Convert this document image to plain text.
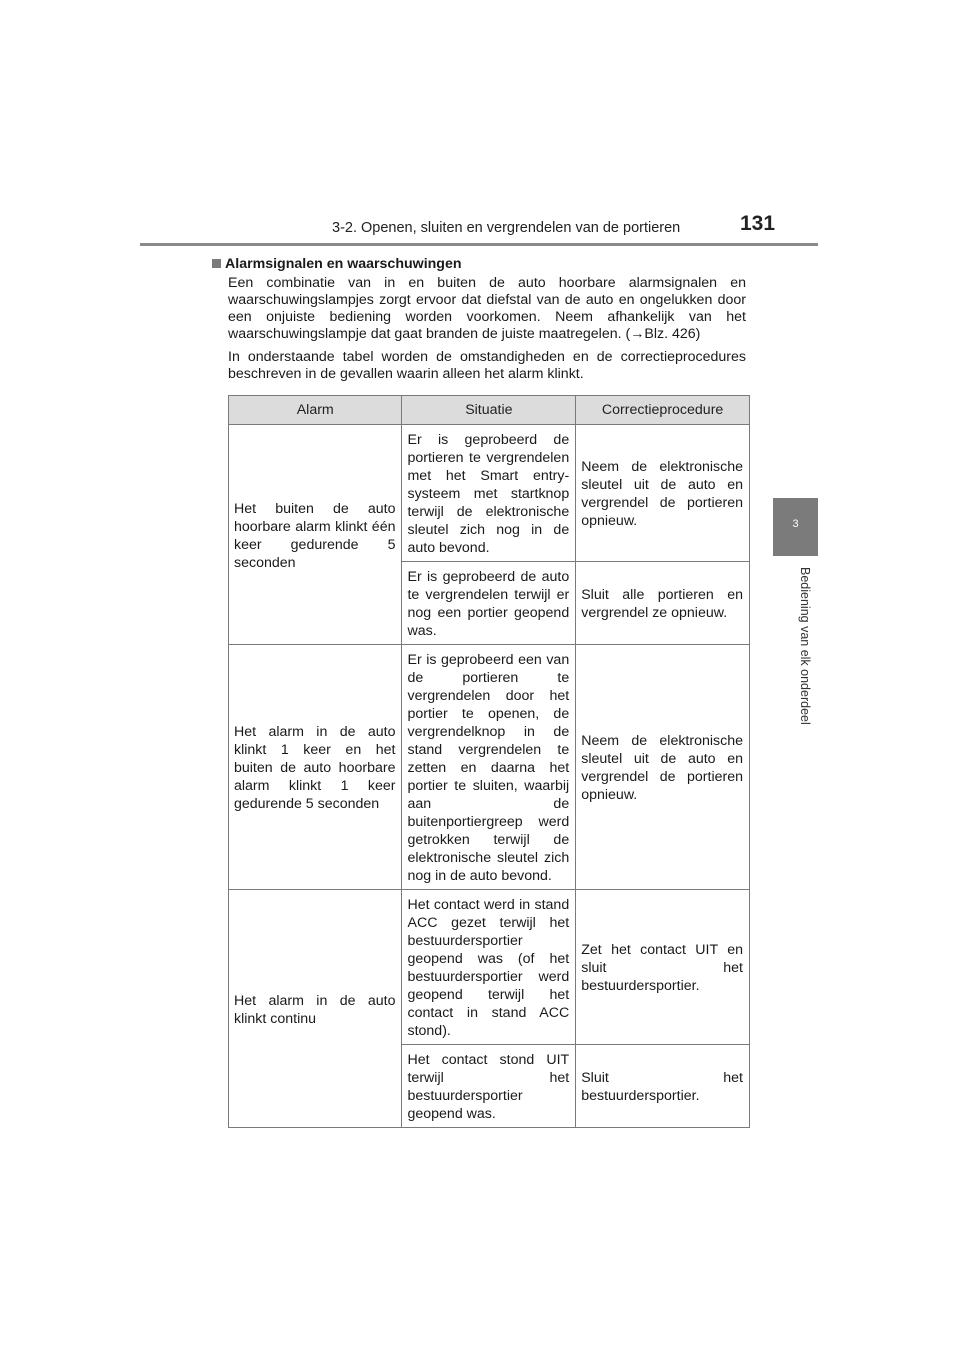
3-2. Openen, sluiten en vergrendelen van de portieren	131
3
Bediening van elk onderdeel
Alarmsignalen en waarschuwingen

Een combinatie van in en buiten de auto hoorbare alarmsignalen en waarschuwingslampjes zorgt ervoor dat diefstal van de auto en ongelukken door een onjuiste bediening worden voorkomen. Neem afhankelijk van het waarschuwingslampje dat gaat branden de juiste maatregelen. (→Blz. 426)

In onderstaande tabel worden de omstandigheden en de correctieprocedures beschreven in de gevallen waarin alleen het alarm klinkt.

Alarm	Situatie	Correctieprocedure
Het buiten de auto hoorbare alarm klinkt één keer gedurende 5 seconden	Er is geprobeerd de portieren te vergrendelen met het Smart entry-systeem met startknop terwijl de elektronische sleutel zich nog in de auto bevond.	Neem de elektronische sleutel uit de auto en vergrendel de portieren opnieuw.
	Er is geprobeerd de auto te vergrendelen terwijl er nog een portier geopend was.	Sluit alle portieren en vergrendel ze opnieuw.
Het alarm in de auto klinkt 1 keer en het buiten de auto hoorbare alarm klinkt 1 keer gedurende 5 seconden	Er is geprobeerd een van de portieren te vergrendelen door het portier te openen, de vergrendelknop in de stand vergrendelen te zetten en daarna het portier te sluiten, waarbij aan de buitenportiergreep werd getrokken terwijl de elektronische sleutel zich nog in de auto bevond.	Neem de elektronische sleutel uit de auto en vergrendel de portieren opnieuw.
Het alarm in de auto klinkt continu	Het contact werd in stand ACC gezet terwijl het bestuurdersportier geopend was (of het bestuurdersportier werd geopend terwijl het contact in stand ACC stond).	Zet het contact UIT en sluit het bestuurdersportier.
	Het contact stond UIT terwijl het bestuurdersportier geopend was.	Sluit het bestuurdersportier.
